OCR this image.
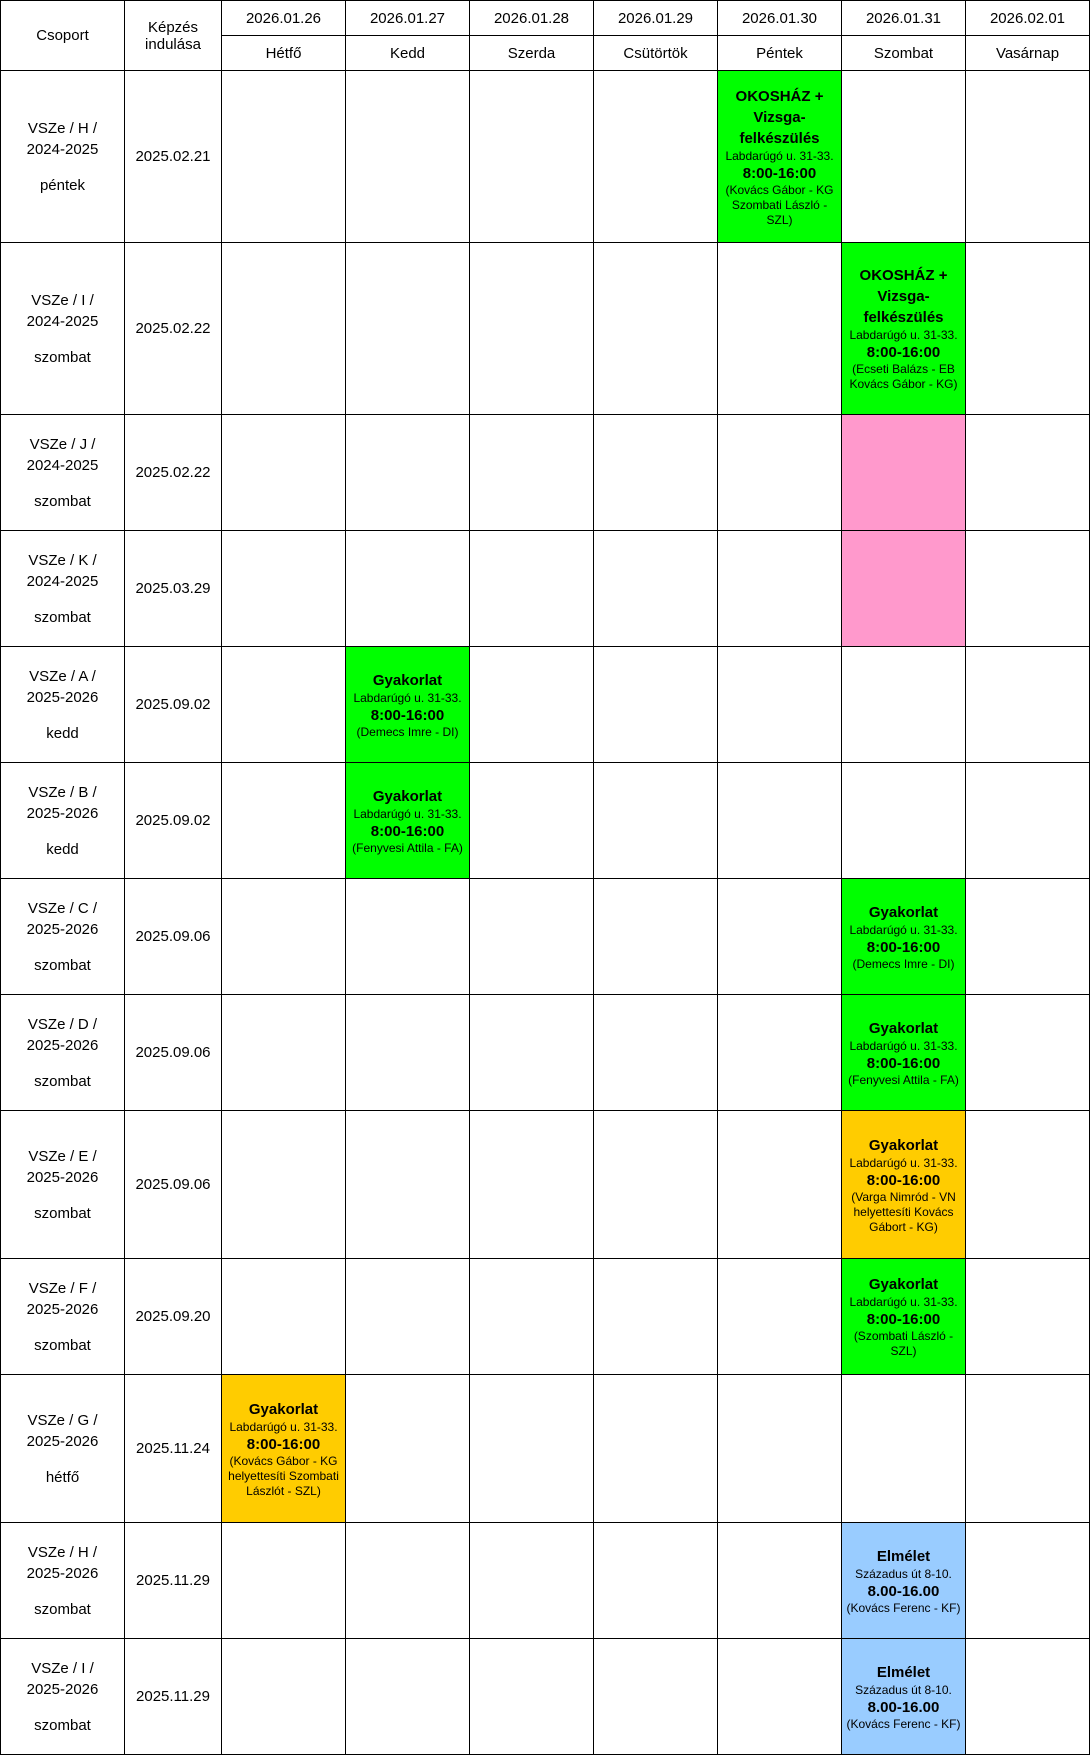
Csoport	Képzés indulása	2026.01.26	2026.01.27	2026.01.28	2026.01.29	2026.01.30	2026.01.31	2026.02.01
		Hétfő	Kedd	Szerda	Csütörtök	Péntek	Szombat	Vasárnap

VSZe / H /
2024-2025
péntek	2025.02.21					OKOSHÁZ + Vizsga-felkészülés
Labdarúgó u. 31-33.
8:00-16:00
(Kovács Gábor - KG Szombati László - SZL)		

VSZe / I /
2024-2025
szombat	2025.02.22						OKOSHÁZ + Vizsga-felkészülés
Labdarúgó u. 31-33.
8:00-16:00
(Ecseti Balázs - EB Kovács Gábor - KG)	

VSZe / J /
2024-2025
szombat	2025.02.22							

VSZe / K /
2024-2025
szombat	2025.03.29							

VSZe / A /
2025-2026
kedd	2025.09.02		Gyakorlat
Labdarúgó u. 31-33.
8:00-16:00
(Demecs Imre - DI)					

VSZe / B /
2025-2026
kedd	2025.09.02		Gyakorlat
Labdarúgó u. 31-33.
8:00-16:00
(Fenyvesi Attila - FA)					

VSZe / C /
2025-2026
szombat	2025.09.06						Gyakorlat
Labdarúgó u. 31-33.
8:00-16:00
(Demecs Imre - DI)	

VSZe / D /
2025-2026
szombat	2025.09.06						Gyakorlat
Labdarúgó u. 31-33.
8:00-16:00
(Fenyvesi Attila - FA)	

VSZe / E /
2025-2026
szombat	2025.09.06						Gyakorlat
Labdarúgó u. 31-33.
8:00-16:00
(Varga Nimród - VN helyettesíti Kovács Gábort - KG)	

VSZe / F /
2025-2026
szombat	2025.09.20						Gyakorlat
Labdarúgó u. 31-33.
8:00-16:00
(Szombati László - SZL)	

VSZe / G /
2025-2026
hétfő	2025.11.24	Gyakorlat
Labdarúgó u. 31-33.
8:00-16:00
(Kovács Gábor - KG helyettesíti Szombati Lászlót - SZL)						

VSZe / H /
2025-2026
szombat	2025.11.29						Elmélet
Századus út 8-10.
8.00-16.00
(Kovács Ferenc - KF)	

VSZe / I /
2025-2026
szombat	2025.11.29						Elmélet
Századus út 8-10.
8.00-16.00
(Kovács Ferenc - KF)	
